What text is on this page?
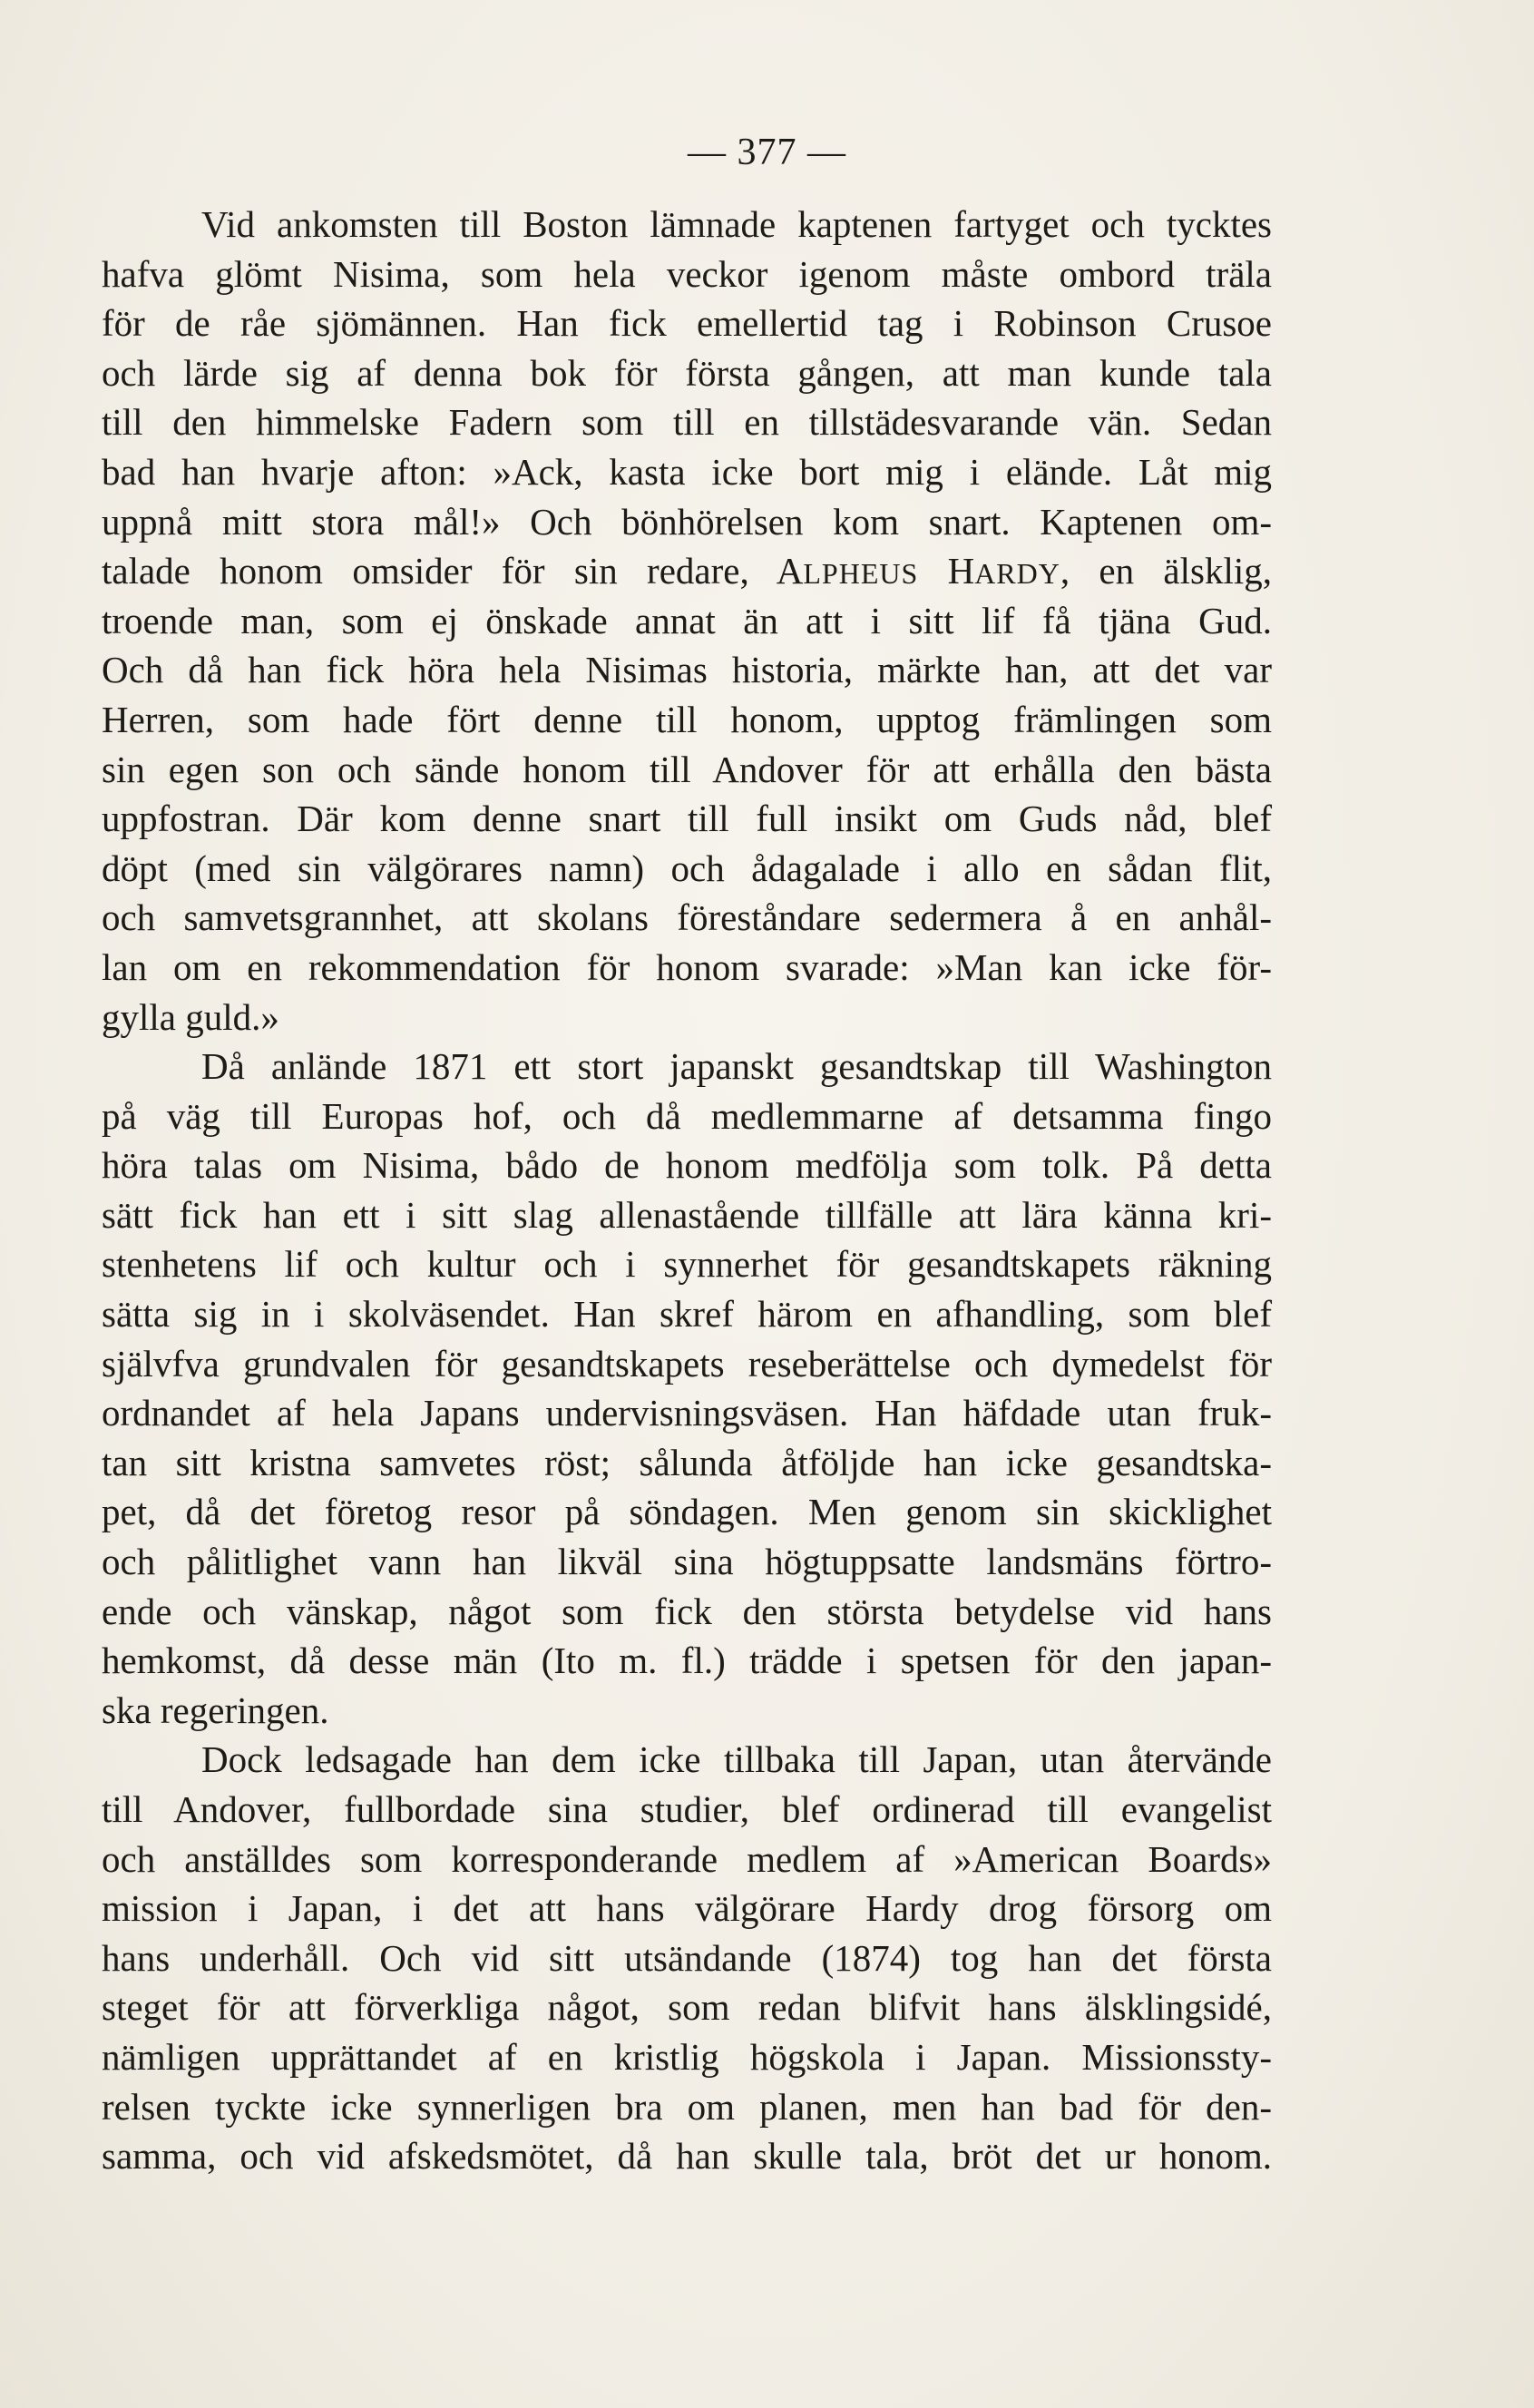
— 377 —
Vid ankomsten till Boston lämnade kaptenen fartyget och tycktes
hafva glömt Nisima, som hela veckor igenom måste ombord träla
för de råe sjömännen. Han fick emellertid tag i Robinson Crusoe
och lärde sig af denna bok för första gången, att man kunde tala
till den himmelske Fadern som till en tillstädesvarande vän. Sedan
bad han hvarje afton: »Ack, kasta icke bort mig i elände. Låt mig
uppnå mitt stora mål!» Och bönhörelsen kom snart. Kaptenen om-
talade honom omsider för sin redare, ALPHEUS HARDY, en älsklig,
troende man, som ej önskade annat än att i sitt lif få tjäna Gud.
Och då han fick höra hela Nisimas historia, märkte han, att det var
Herren, som hade fört denne till honom, upptog främlingen som
sin egen son och sände honom till Andover för att erhålla den bästa
uppfostran. Där kom denne snart till full insikt om Guds nåd, blef
döpt (med sin välgörares namn) och ådagalade i allo en sådan flit,
och samvetsgrannhet, att skolans föreståndare sedermera å en anhål-
lan om en rekommendation för honom svarade: »Man kan icke för-
gylla guld.»
Då anlände 1871 ett stort japanskt gesandtskap till Washington
på väg till Europas hof, och då medlemmarne af detsamma fingo
höra talas om Nisima, bådo de honom medfölja som tolk. På detta
sätt fick han ett i sitt slag allenastående tillfälle att lära känna kri-
stenhetens lif och kultur och i synnerhet för gesandtskapets räkning
sätta sig in i skolväsendet. Han skref härom en afhandling, som blef
självfva grundvalen för gesandtskapets reseberättelse och dymedelst för
ordnandet af hela Japans undervisningsväsen. Han häfdade utan fruk-
tan sitt kristna samvetes röst; sålunda åtföljde han icke gesandtska-
pet, då det företog resor på söndagen. Men genom sin skicklighet
och pålitlighet vann han likväl sina högtuppsatte landsmäns förtro-
ende och vänskap, något som fick den största betydelse vid hans
hemkomst, då desse män (Ito m. fl.) trädde i spetsen för den japan-
ska regeringen.
Dock ledsagade han dem icke tillbaka till Japan, utan återvände
till Andover, fullbordade sina studier, blef ordinerad till evangelist
och anställdes som korresponderande medlem af »American Boards»
mission i Japan, i det att hans välgörare Hardy drog försorg om
hans underhåll. Och vid sitt utsändande (1874) tog han det första
steget för att förverkliga något, som redan blifvit hans älsklingsidé,
nämligen upprättandet af en kristlig högskola i Japan. Missionssty-
relsen tyckte icke synnerligen bra om planen, men han bad för den-
samma, och vid afskedsmötet, då han skulle tala, bröt det ur honom.
